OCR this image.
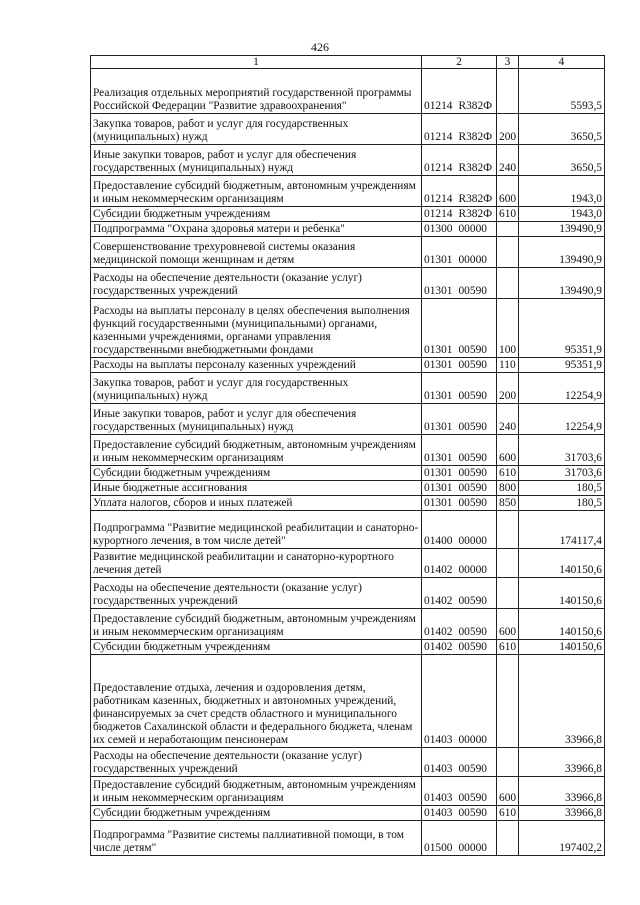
426
1	2	3	4
Реализация отдельных мероприятий государственной программы Российской Федерации "Развитие здравоохранения"	01214 R382Ф		5593,5
Закупка товаров, работ и услуг для государственных (муниципальных) нужд	01214 R382Ф	200	3650,5
Иные закупки товаров, работ и услуг для обеспечения государственных (муниципальных) нужд	01214 R382Ф	240	3650,5
Предоставление субсидий бюджетным, автономным учреждениям и иным некоммерческим организациям	01214 R382Ф	600	1943,0
Субсидии бюджетным учреждениям	01214 R382Ф	610	1943,0
Подпрограмма "Охрана здоровья матери и ребенка"	01300 00000		139490,9
Совершенствование трехуровневой системы оказания медицинской помощи женщинам и детям	01301 00000		139490,9
Расходы на обеспечение деятельности (оказание услуг) государственных учреждений	01301 00590		139490,9
Расходы на выплаты персоналу в целях обеспечения выполнения функций государственными (муниципальными) органами, казенными учреждениями, органами управления государственными внебюджетными фондами	01301 00590	100	95351,9
Расходы на выплаты персоналу казенных учреждений	01301 00590	110	95351,9
Закупка товаров, работ и услуг для государственных (муниципальных) нужд	01301 00590	200	12254,9
Иные закупки товаров, работ и услуг для обеспечения государственных (муниципальных) нужд	01301 00590	240	12254,9
Предоставление субсидий бюджетным, автономным учреждениям и иным некоммерческим организациям	01301 00590	600	31703,6
Субсидии бюджетным учреждениям	01301 00590	610	31703,6
Иные бюджетные ассигнования	01301 00590	800	180,5
Уплата налогов, сборов и иных платежей	01301 00590	850	180,5
Подпрограмма "Развитие медицинской реабилитации и санаторно-курортного лечения, в том числе детей"	01400 00000		174117,4
Развитие медицинской реабилитации и санаторно-курортного лечения детей	01402 00000		140150,6
Расходы на обеспечение деятельности (оказание услуг) государственных учреждений	01402 00590		140150,6
Предоставление субсидий бюджетным, автономным учреждениям и иным некоммерческим организациям	01402 00590	600	140150,6
Субсидии бюджетным учреждениям	01402 00590	610	140150,6
Предоставление отдыха, лечения и оздоровления детям, работникам казенных, бюджетных и автономных учреждений, финансируемых за счет средств областного и муниципального бюджетов Сахалинской области и федерального бюджета, членам их семей и неработающим пенсионерам	01403 00000		33966,8
Расходы на обеспечение деятельности (оказание услуг) государственных учреждений	01403 00590		33966,8
Предоставление субсидий бюджетным, автономным учреждениям и иным некоммерческим организациям	01403 00590	600	33966,8
Субсидии бюджетным учреждениям	01403 00590	610	33966,8
Подпрограмма "Развитие системы паллиативной помощи, в том числе детям"	01500 00000		197402,2
